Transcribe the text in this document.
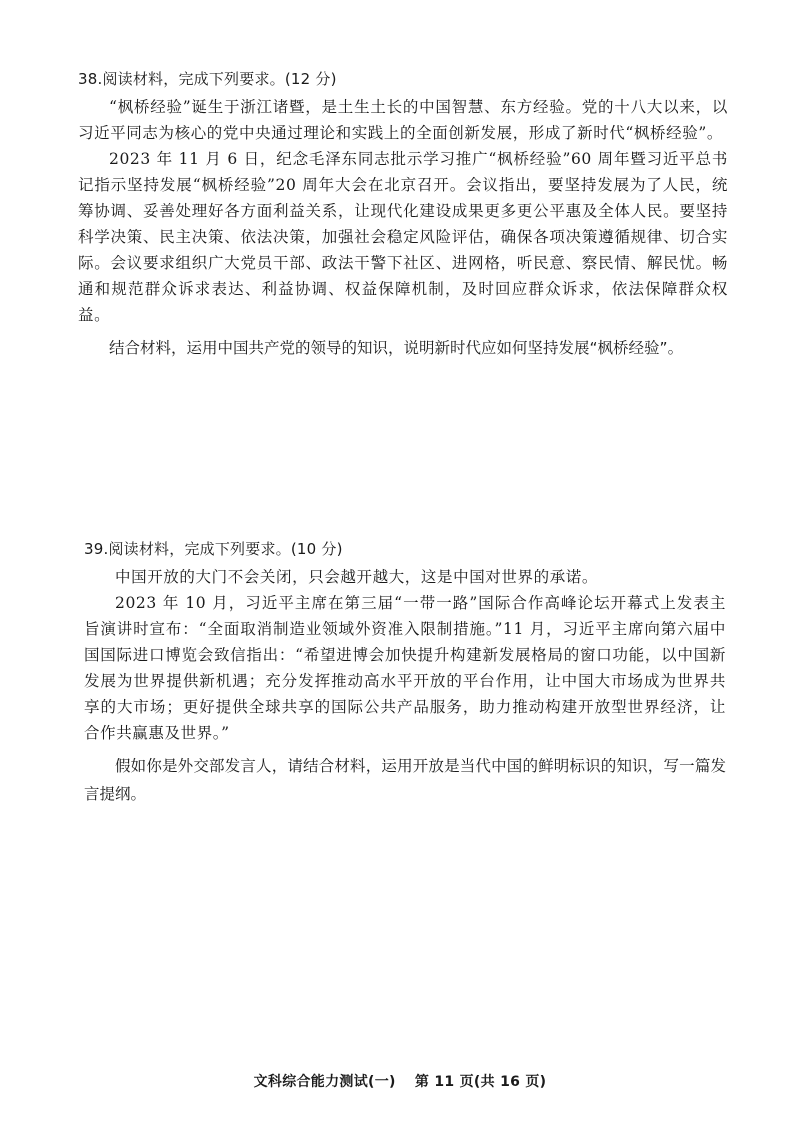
38.阅读材料，完成下列要求。(12 分)

“枫桥经验”诞生于浙江诸暨，是土生土长的中国智慧、东方经验。党的十八大以来，以习近平同志为核心的党中央通过理论和实践上的全面创新发展，形成了新时代“枫桥经验”。

2023 年 11 月 6 日，纪念毛泽东同志批示学习推广“枫桥经验”60 周年暨习近平总书记指示坚持发展“枫桥经验”20 周年大会在北京召开。会议指出，要坚持发展为了人民，统筹协调、妥善处理好各方面利益关系，让现代化建设成果更多更公平惠及全体人民。要坚持科学决策、民主决策、依法决策，加强社会稳定风险评估，确保各项决策遵循规律、切合实际。会议要求组织广大党员干部、政法干警下社区、进网格，听民意、察民情、解民忧。畅通和规范群众诉求表达、利益协调、权益保障机制，及时回应群众诉求，依法保障群众权益。

结合材料，运用中国共产党的领导的知识，说明新时代应如何坚持发展“枫桥经验”。

39.阅读材料，完成下列要求。(10 分)

中国开放的大门不会关闭，只会越开越大，这是中国对世界的承诺。

2023 年 10 月，习近平主席在第三届“一带一路”国际合作高峰论坛开幕式上发表主旨演讲时宣布：“全面取消制造业领域外资准入限制措施。”11 月，习近平主席向第六届中国国际进口博览会致信指出：“希望进博会加快提升构建新发展格局的窗口功能，以中国新发展为世界提供新机遇；充分发挥推动高水平开放的平台作用，让中国大市场成为世界共享的大市场；更好提供全球共享的国际公共产品服务，助力推动构建开放型世界经济，让合作共赢惠及世界。”

假如你是外交部发言人，请结合材料，运用开放是当代中国的鲜明标识的知识，写一篇发言提纲。

文科综合能力测试(一) 第 11 页(共 16 页)
